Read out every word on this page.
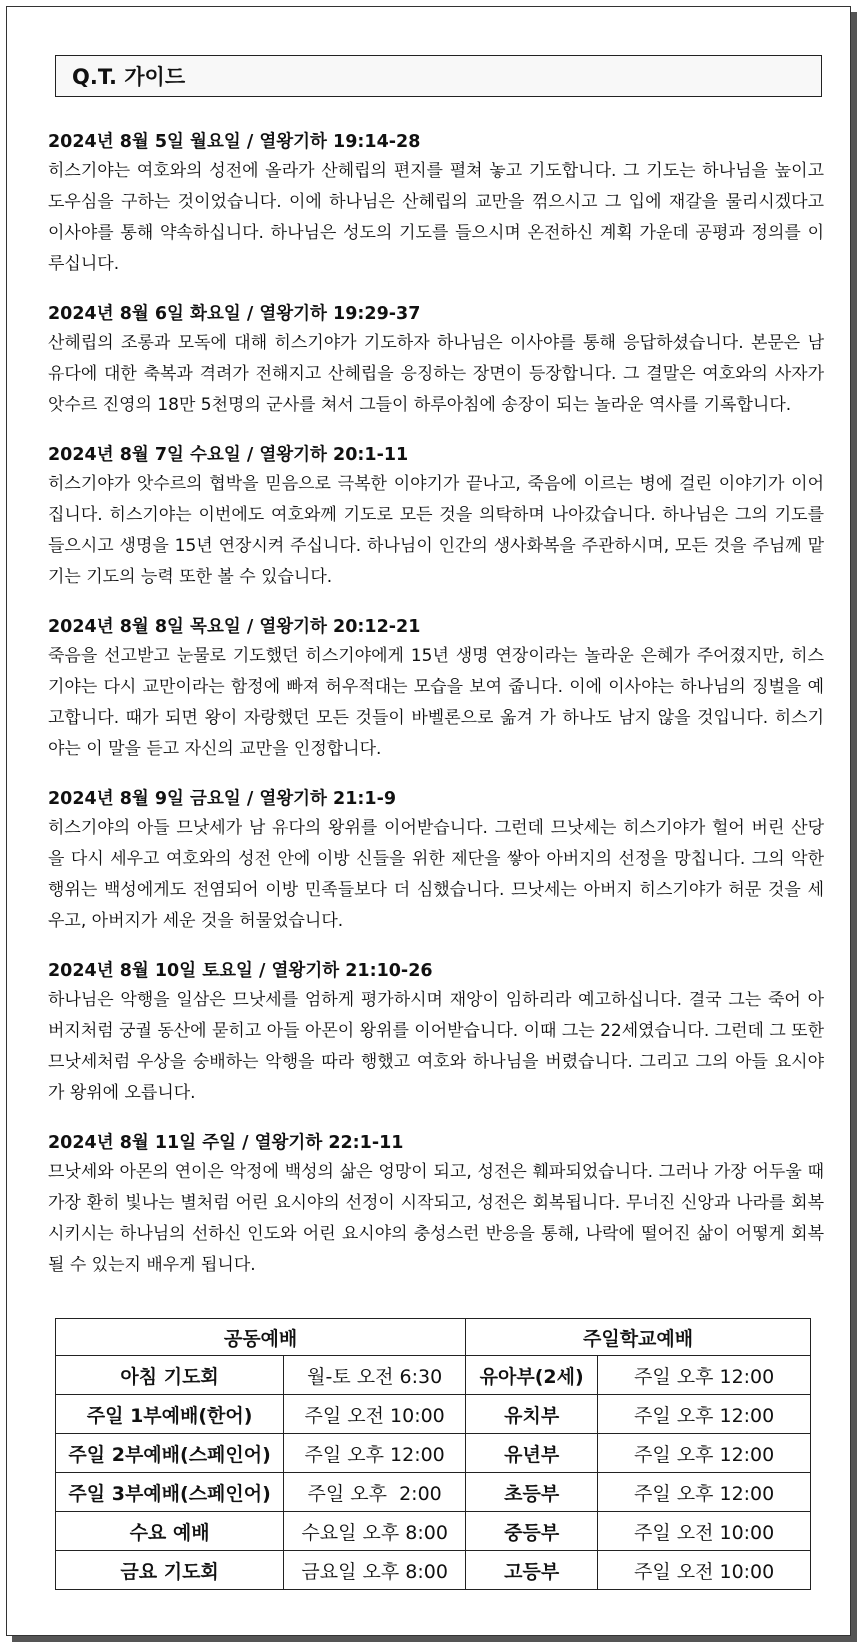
Q.T. 가이드
2024년 8월 5일 월요일 / 열왕기하 19:14-28
히스기야는 여호와의 성전에 올라가 산헤립의 편지를 펼쳐 놓고 기도합니다. 그 기도는 하나님을 높이고 도우심을 구하는 것이었습니다. 이에 하나님은 산헤립의 교만을 꺾으시고 그 입에 재갈을 물리시겠다고 이사야를 통해 약속하십니다. 하나님은 성도의 기도를 들으시며 온전하신 계획 가운데 공평과 정의를 이루십니다.
2024년 8월 6일 화요일 / 열왕기하 19:29-37
산헤립의 조롱과 모독에 대해 히스기야가 기도하자 하나님은 이사야를 통해 응답하셨습니다. 본문은 남 유다에 대한 축복과 격려가 전해지고 산헤립을 응징하는 장면이 등장합니다. 그 결말은 여호와의 사자가 앗수르 진영의 18만 5천명의 군사를 쳐서 그들이 하루아침에 송장이 되는 놀라운 역사를 기록합니다.
2024년 8월 7일 수요일 / 열왕기하 20:1-11
히스기야가 앗수르의 협박을 믿음으로 극복한 이야기가 끝나고, 죽음에 이르는 병에 걸린 이야기가 이어집니다. 히스기야는 이번에도 여호와께 기도로 모든 것을 의탁하며 나아갔습니다. 하나님은 그의 기도를 들으시고 생명을 15년 연장시켜 주십니다. 하나님이 인간의 생사화복을 주관하시며, 모든 것을 주님께 맡기는 기도의 능력 또한 볼 수 있습니다.
2024년 8월 8일 목요일 / 열왕기하 20:12-21
죽음을 선고받고 눈물로 기도했던 히스기야에게 15년 생명 연장이라는 놀라운 은혜가 주어졌지만, 히스기야는 다시 교만이라는 함정에 빠져 허우적대는 모습을 보여 줍니다. 이에 이사야는 하나님의 징벌을 예고합니다. 때가 되면 왕이 자랑했던 모든 것들이 바벨론으로 옮겨 가 하나도 남지 않을 것입니다. 히스기야는 이 말을 듣고 자신의 교만을 인정합니다.
2024년 8월 9일 금요일 / 열왕기하 21:1-9
히스기야의 아들 므낫세가 남 유다의 왕위를 이어받습니다. 그런데 므낫세는 히스기야가 헐어 버린 산당을 다시 세우고 여호와의 성전 안에 이방 신들을 위한 제단을 쌓아 아버지의 선정을 망칩니다. 그의 악한 행위는 백성에게도 전염되어 이방 민족들보다 더 심했습니다. 므낫세는 아버지 히스기야가 허문 것을 세우고, 아버지가 세운 것을 허물었습니다.
2024년 8월 10일 토요일 / 열왕기하 21:10-26
하나님은 악행을 일삼은 므낫세를 엄하게 평가하시며 재앙이 임하리라 예고하십니다. 결국 그는 죽어 아버지처럼 궁궐 동산에 묻히고 아들 아몬이 왕위를 이어받습니다. 이때 그는 22세였습니다. 그런데 그 또한 므낫세처럼 우상을 숭배하는 악행을 따라 행했고 여호와 하나님을 버렸습니다. 그리고 그의 아들 요시야가 왕위에 오릅니다.
2024년 8월 11일 주일 / 열왕기하 22:1-11
므낫세와 아몬의 연이은 악정에 백성의 삶은 엉망이 되고, 성전은 훼파되었습니다. 그러나 가장 어두울 때 가장 환히 빛나는 별처럼 어린 요시야의 선정이 시작되고, 성전은 회복됩니다. 무너진 신앙과 나라를 회복시키시는 하나님의 선하신 인도와 어린 요시야의 충성스런 반응을 통해, 나락에 떨어진 삶이 어떻게 회복될 수 있는지 배우게 됩니다.
공동예배		주일학교예배	
아침 기도회	월-토 오전 6:30	유아부(2세)	주일 오후 12:00
주일 1부예배(한어)	주일 오전 10:00	유치부	주일 오후 12:00
주일 2부예배(스페인어)	주일 오후 12:00	유년부	주일 오후 12:00
주일 3부예배(스페인어)	주일 오후  2:00	초등부	주일 오후 12:00
수요 예배	수요일 오후 8:00	중등부	주일 오전 10:00
금요 기도회	금요일 오후 8:00	고등부	주일 오전 10:00
